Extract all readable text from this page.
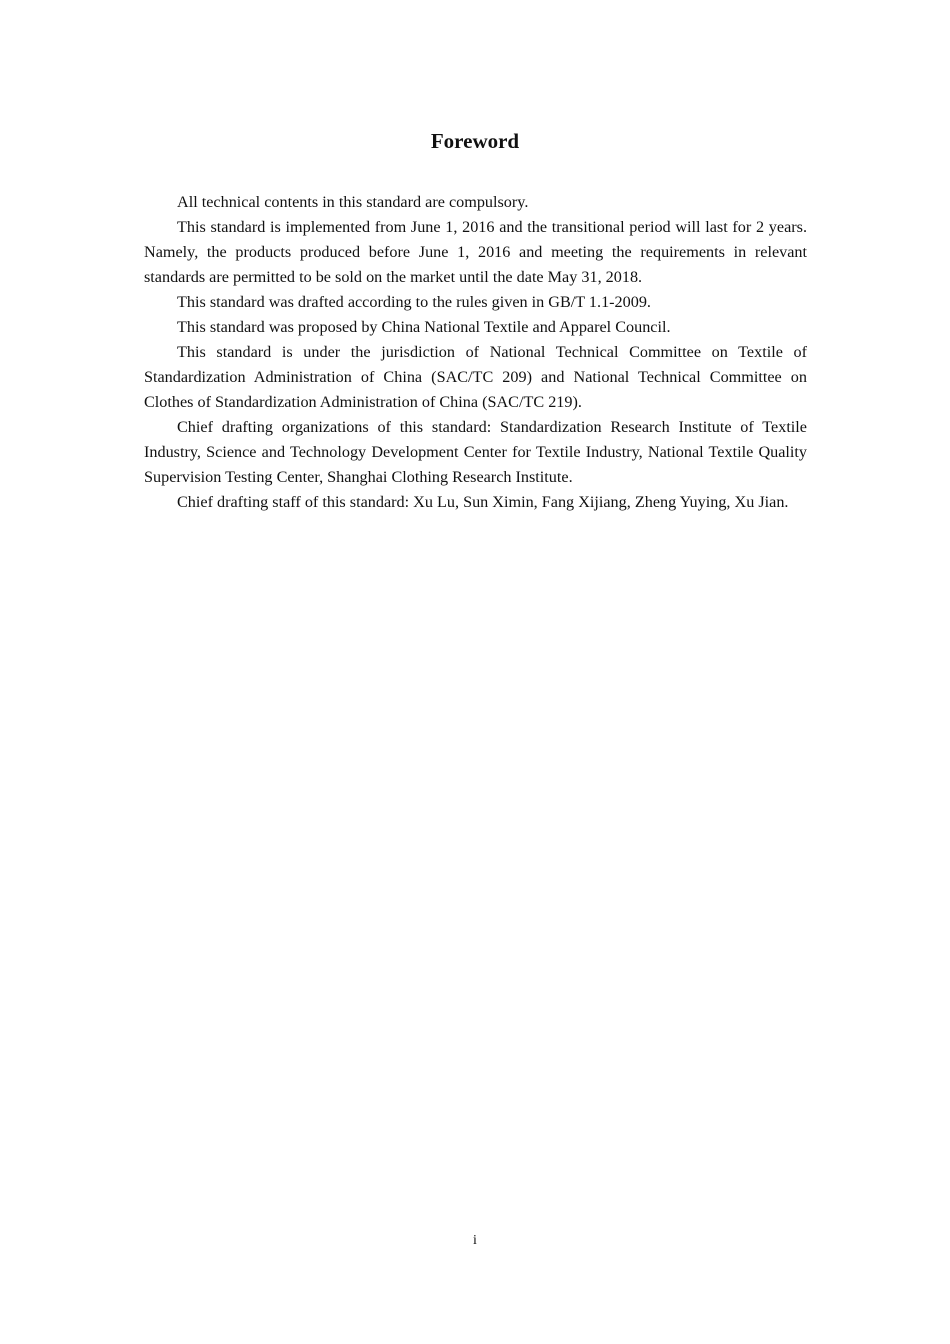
Foreword

All technical contents in this standard are compulsory.

This standard is implemented from June 1, 2016 and the transitional period will last for 2 years. Namely, the products produced before June 1, 2016 and meeting the requirements in relevant standards are permitted to be sold on the market until the date May 31, 2018.

This standard was drafted according to the rules given in GB/T 1.1-2009.

This standard was proposed by China National Textile and Apparel Council.

This standard is under the jurisdiction of National Technical Committee on Textile of Standardization Administration of China (SAC/TC 209) and National Technical Committee on Clothes of Standardization Administration of China (SAC/TC 219).

Chief drafting organizations of this standard: Standardization Research Institute of Textile Industry, Science and Technology Development Center for Textile Industry, National Textile Quality Supervision Testing Center, Shanghai Clothing Research Institute.

Chief drafting staff of this standard: Xu Lu, Sun Ximin, Fang Xijiang, Zheng Yuying, Xu Jian.

i
